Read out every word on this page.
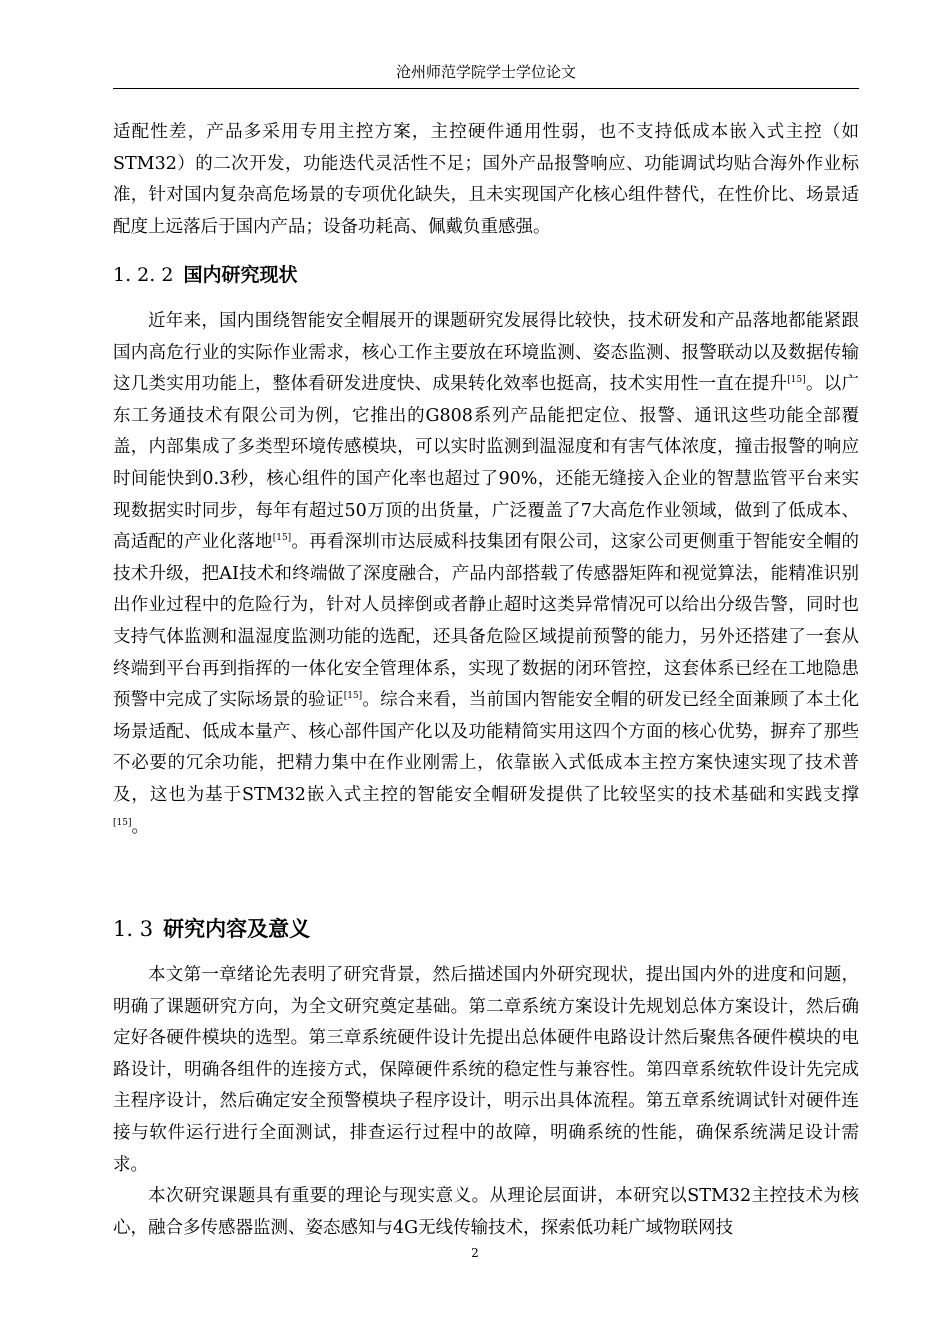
沧州师范学院学士学位论文

适配性差，产品多采用专用主控方案，主控硬件通用性弱，也不支持低成本嵌入式主控（如STM32）的二次开发，功能迭代灵活性不足；国外产品报警响应、功能调试均贴合海外作业标准，针对国内复杂高危场景的专项优化缺失，且未实现国产化核心组件替代，在性价比、场景适配度上远落后于国内产品；设备功耗高、佩戴负重感强。

1. 2. 2 国内研究现状

近年来，国内围绕智能安全帽展开的课题研究发展得比较快，技术研发和产品落地都能紧跟国内高危行业的实际作业需求，核心工作主要放在环境监测、姿态监测、报警联动以及数据传输这几类实用功能上，整体看研发进度快、成果转化效率也挺高，技术实用性一直在提升[15]。以广东工务通技术有限公司为例，它推出的G808系列产品能把定位、报警、通讯这些功能全部覆盖，内部集成了多类型环境传感模块，可以实时监测到温湿度和有害气体浓度，撞击报警的响应时间能快到0.3秒，核心组件的国产化率也超过了90%，还能无缝接入企业的智慧监管平台来实现数据实时同步，每年有超过50万顶的出货量，广泛覆盖了7大高危作业领域，做到了低成本、高适配的产业化落地[15]。再看深圳市达辰威科技集团有限公司，这家公司更侧重于智能安全帽的技术升级，把AI技术和终端做了深度融合，产品内部搭载了传感器矩阵和视觉算法，能精准识别出作业过程中的危险行为，针对人员摔倒或者静止超时这类异常情况可以给出分级告警，同时也支持气体监测和温湿度监测功能的选配，还具备危险区域提前预警的能力，另外还搭建了一套从终端到平台再到指挥的一体化安全管理体系，实现了数据的闭环管控，这套体系已经在工地隐患预警中完成了实际场景的验证[15]。综合来看，当前国内智能安全帽的研发已经全面兼顾了本土化场景适配、低成本量产、核心部件国产化以及功能精简实用这四个方面的核心优势，摒弃了那些不必要的冗余功能，把精力集中在作业刚需上，依靠嵌入式低成本主控方案快速实现了技术普及，这也为基于STM32嵌入式主控的智能安全帽研发提供了比较坚实的技术基础和实践支撑[15]。

1. 3 研究内容及意义

本文第一章绪论先表明了研究背景，然后描述国内外研究现状，提出国内外的进度和问题，明确了课题研究方向，为全文研究奠定基础。第二章系统方案设计先规划总体方案设计，然后确定好各硬件模块的选型。第三章系统硬件设计先提出总体硬件电路设计然后聚焦各硬件模块的电路设计，明确各组件的连接方式，保障硬件系统的稳定性与兼容性。第四章系统软件设计先完成主程序设计，然后确定安全预警模块子程序设计，明示出具体流程。第五章系统调试针对硬件连接与软件运行进行全面测试，排查运行过程中的故障，明确系统的性能，确保系统满足设计需求。

本次研究课题具有重要的理论与现实意义。从理论层面讲，本研究以STM32主控技术为核心，融合多传感器监测、姿态感知与4G无线传输技术，探索低功耗广域物联网技

2
